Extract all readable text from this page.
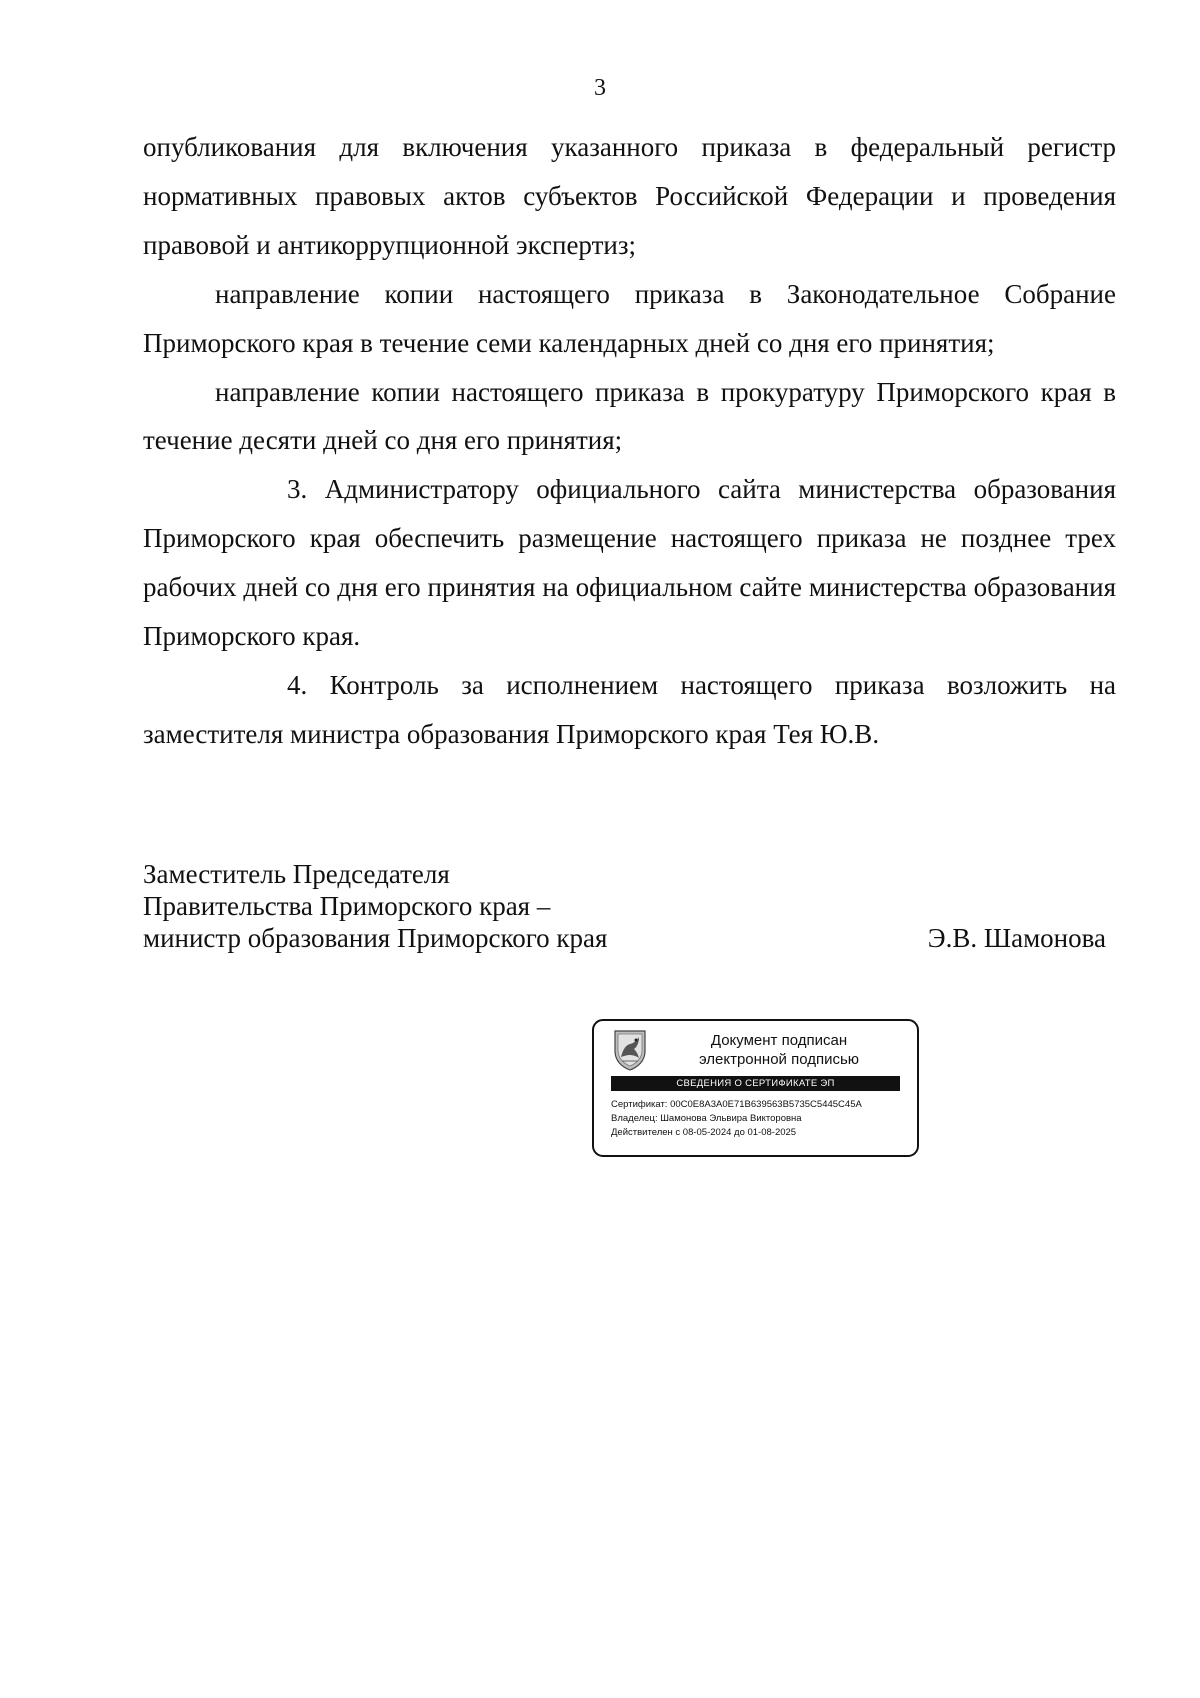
3

опубликования для включения указанного приказа в федеральный регистр нормативных правовых актов субъектов Российской Федерации и проведения правовой и антикоррупционной экспертиз;

направление копии настоящего приказа в Законодательное Собрание Приморского края в течение семи календарных дней со дня его принятия;

направление копии настоящего приказа в прокуратуру Приморского края в течение десяти дней со дня его принятия;

3. Администратору официального сайта министерства образования Приморского края обеспечить размещение настоящего приказа не позднее трех рабочих дней со дня его принятия на официальном сайте министерства образования Приморского края.

4. Контроль за исполнением настоящего приказа возложить на заместителя министра образования Приморского края Тея Ю.В.

Заместитель Председателя
Правительства Приморского края –
министр образования Приморского края	Э.В. Шамонова
Документ подписан
электронной подписью
СВЕДЕНИЯ О СЕРТИФИКАТЕ ЭП
Сертификат: 00C0E8A3A0E71B639563B5735C5445C45A
Владелец: Шамонова Эльвира Викторовна
Действителен с 08-05-2024 до 01-08-2025
